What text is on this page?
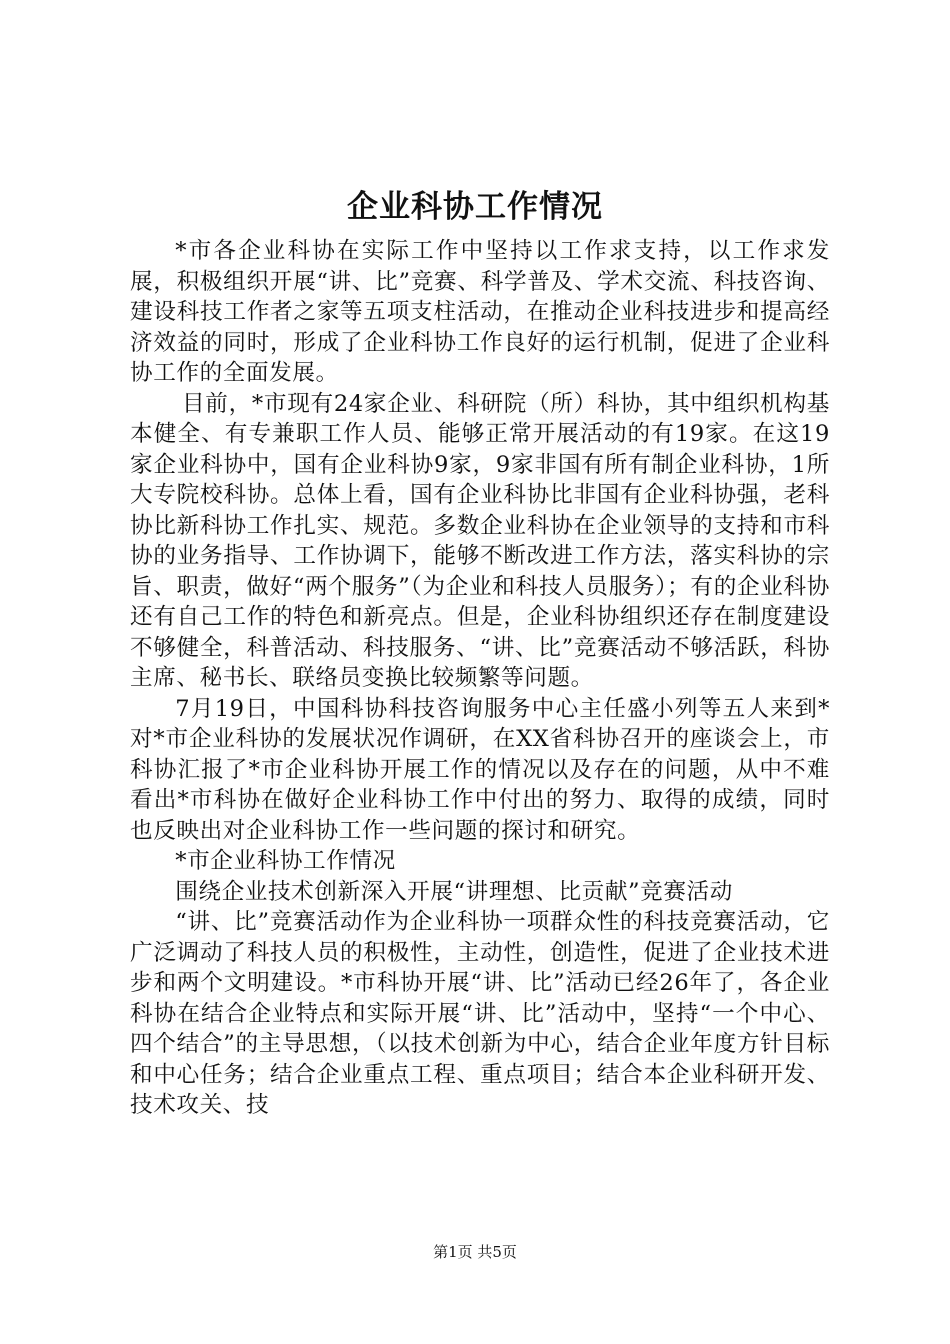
企业科协工作情况

*市各企业科协在实际工作中坚持以工作求支持，以工作求发展，积极组织开展“讲、比”竞赛、科学普及、学术交流、科技咨询、建设科技工作者之家等五项支柱活动，在推动企业科技进步和提高经济效益的同时，形成了企业科协工作良好的运行机制，促进了企业科协工作的全面发展。

目前，*市现有24家企业、科研院（所）科协，其中组织机构基本健全、有专兼职工作人员、能够正常开展活动的有19家。在这19家企业科协中，国有企业科协9家，9家非国有所有制企业科协，1所大专院校科协。总体上看，国有企业科协比非国有企业科协强，老科协比新科协工作扎实、规范。多数企业科协在企业领导的支持和市科协的业务指导、工作协调下，能够不断改进工作方法，落实科协的宗旨、职责，做好“两个服务”（为企业和科技人员服务）；有的企业科协还有自己工作的特色和新亮点。但是，企业科协组织还存在制度建设不够健全，科普活动、科技服务、“讲、比”竞赛活动不够活跃，科协主席、秘书长、联络员变换比较频繁等问题。

7月19日，中国科协科技咨询服务中心主任盛小列等五人来到*对*市企业科协的发展状况作调研，在XX省科协召开的座谈会上，市科协汇报了*市企业科协开展工作的情况以及存在的问题，从中不难看出*市科协在做好企业科协工作中付出的努力、取得的成绩，同时也反映出对企业科协工作一些问题的探讨和研究。

*市企业科协工作情况

围绕企业技术创新深入开展“讲理想、比贡献”竞赛活动

“讲、比”竞赛活动作为企业科协一项群众性的科技竞赛活动，它广泛调动了科技人员的积极性，主动性，创造性，促进了企业技术进步和两个文明建设。*市科协开展“讲、比”活动已经26年了，各企业科协在结合企业特点和实际开展“讲、比”活动中，坚持“一个中心、四个结合”的主导思想，（以技术创新为中心，结合企业年度方针目标和中心任务；结合企业重点工程、重点项目；结合本企业科研开发、技术攻关、技

第1页 共5页
